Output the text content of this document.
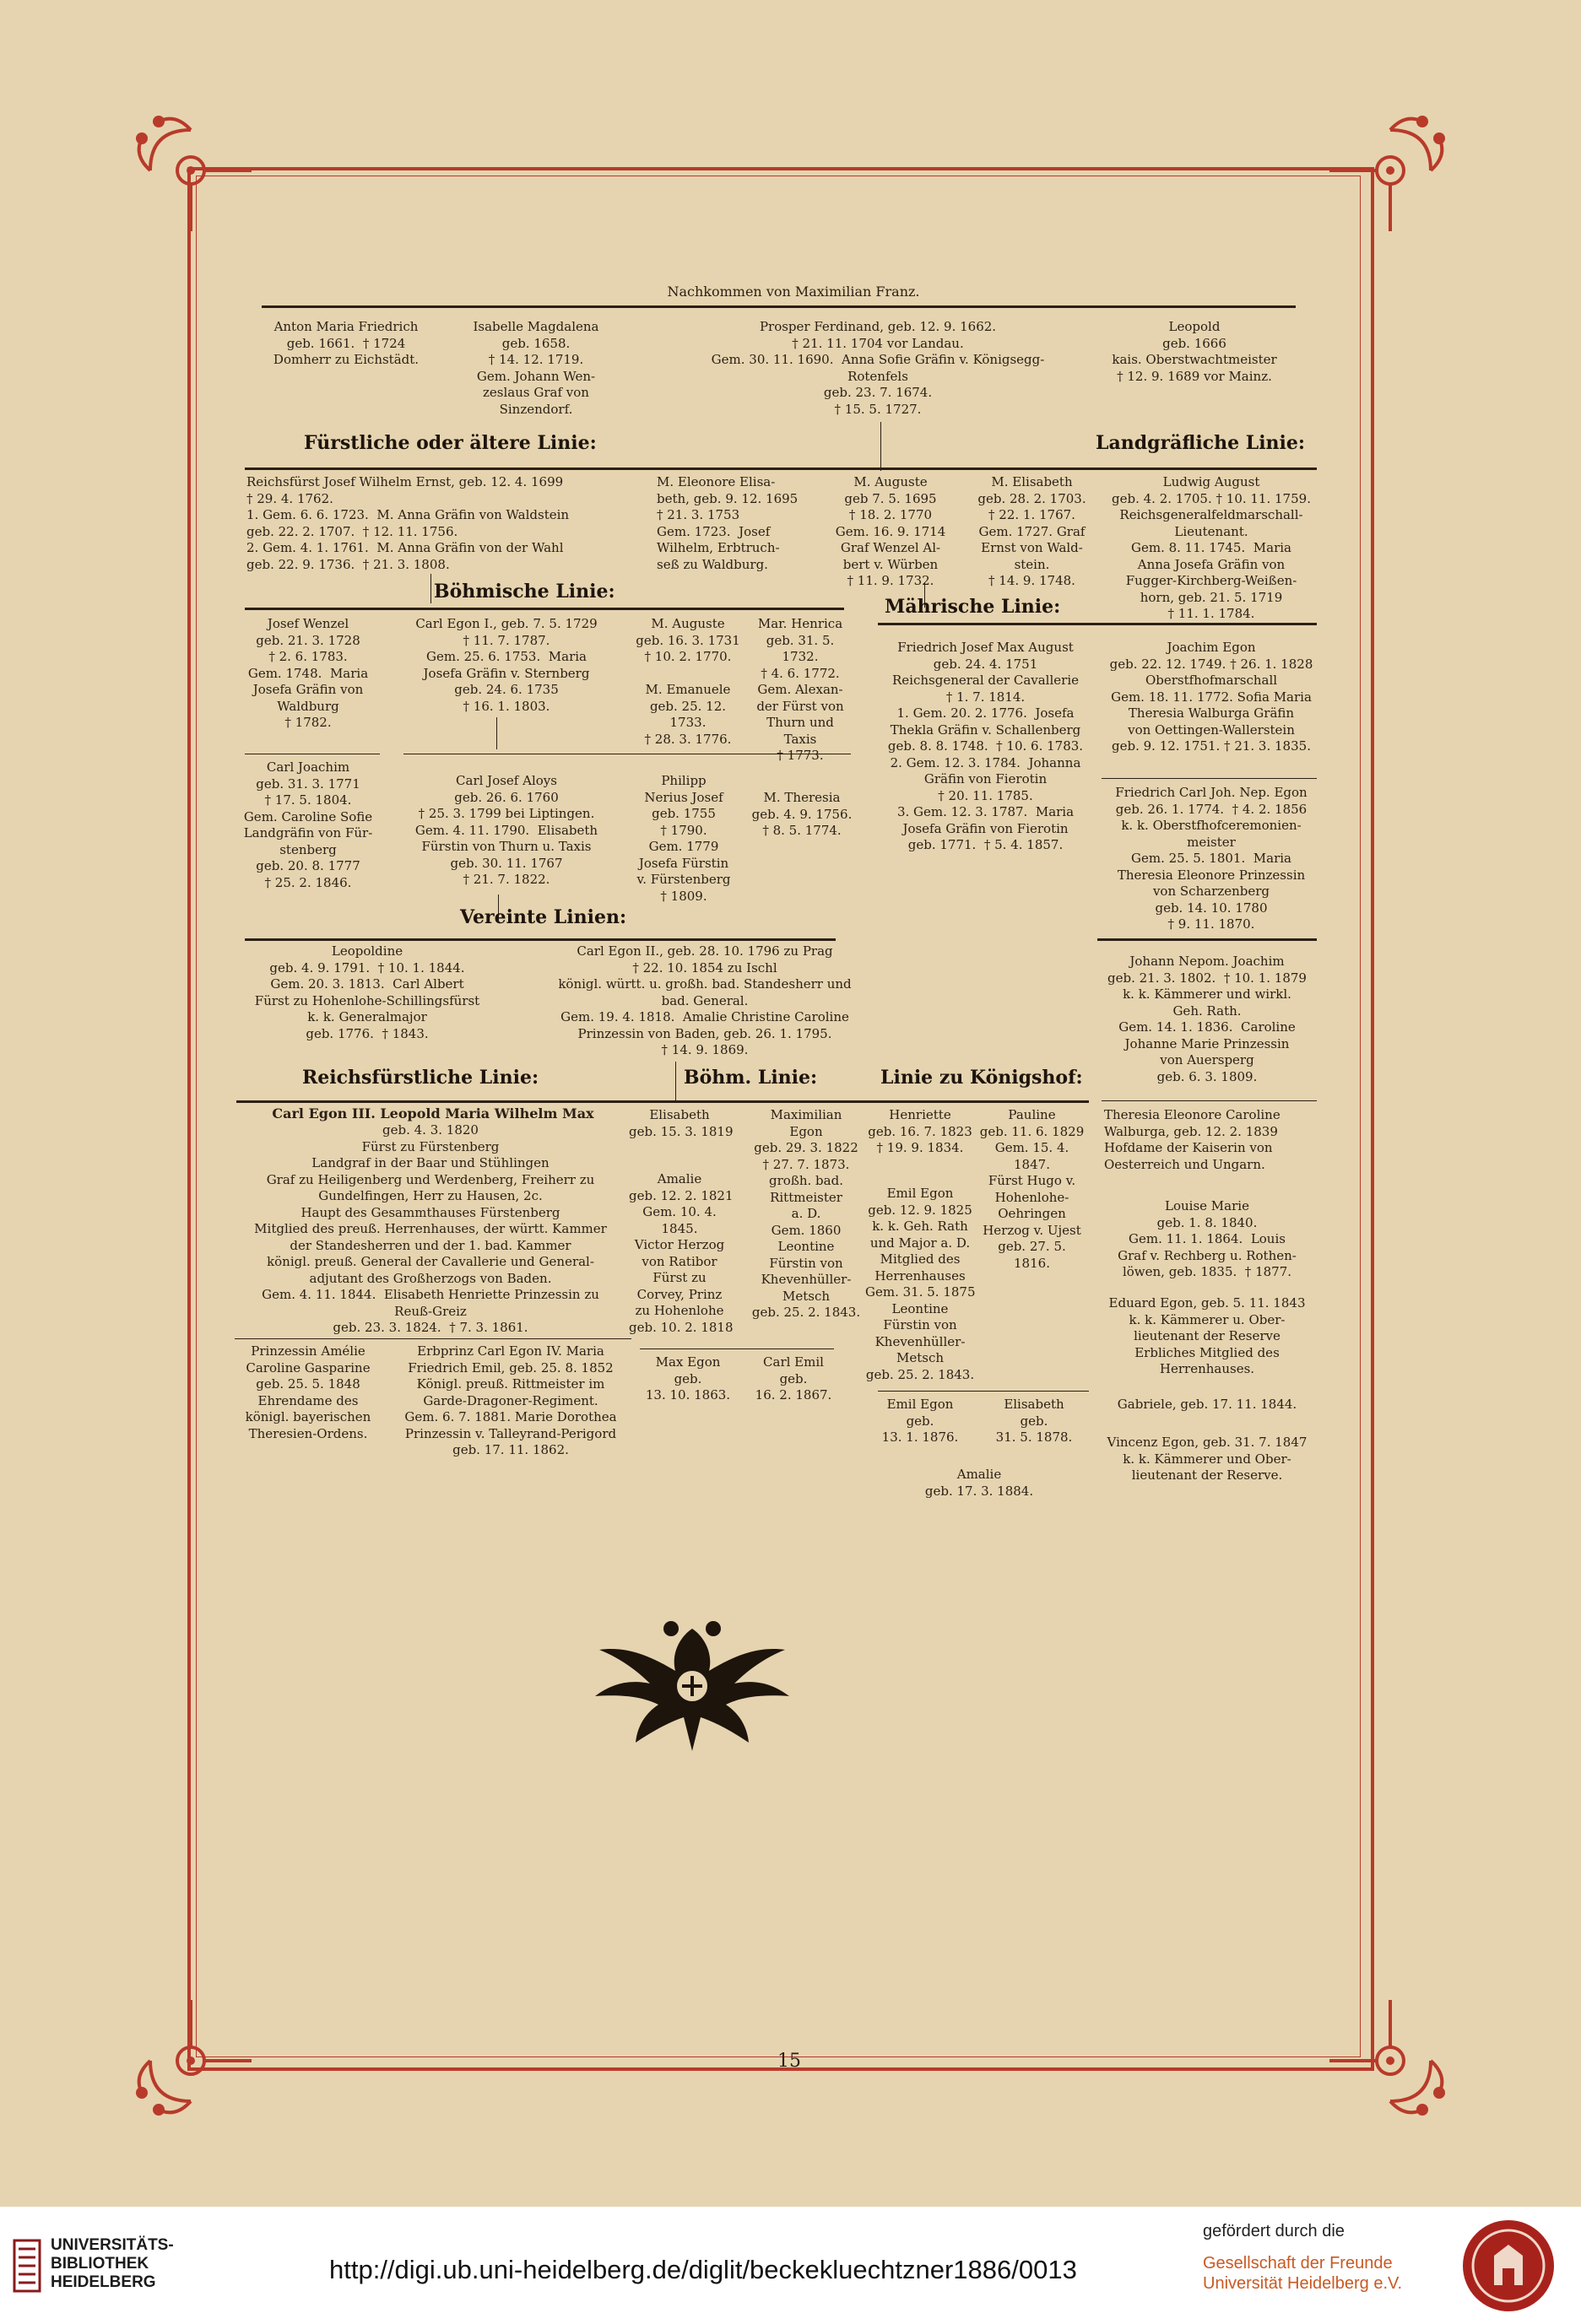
Nachkommen von Maximilian Franz.
Anton Maria Friedrich
geb. 1661.  † 1724
Domherr zu Eichstädt.
Isabelle Magdalena
geb. 1658.
† 14. 12. 1719.
Gem. Johann Wen-
zeslaus Graf von
Sinzendorf.
Prosper Ferdinand, geb. 12. 9. 1662.
† 21. 11. 1704 vor Landau.
Gem. 30. 11. 1690.  Anna Sofie Gräfin v. Königsegg-
Rotenfels
geb. 23. 7. 1674.
† 15. 5. 1727.
Leopold
geb. 1666
kais. Oberstwachtmeister
† 12. 9. 1689 vor Mainz.
Fürstliche oder ältere Linie:	Landgräfliche Linie:
Reichsfürst Josef Wilhelm Ernst, geb. 12. 4. 1699
† 29. 4. 1762.
1. Gem. 6. 6. 1723.  M. Anna Gräfin von Waldstein
geb. 22. 2. 1707.  † 12. 11. 1756.
2. Gem. 4. 1. 1761.  M. Anna Gräfin von der Wahl
geb. 22. 9. 1736.  † 21. 3. 1808.
M. Eleonore Elisa-
beth, geb. 9. 12. 1695
† 21. 3. 1753
Gem. 1723.  Josef
Wilhelm, Erbtruch-
seß zu Waldburg.
M. Auguste
geb 7. 5. 1695
† 18. 2. 1770
Gem. 16. 9. 1714
Graf Wenzel Al-
bert v. Würben
† 11. 9. 1732.
M. Elisabeth
geb. 28. 2. 1703.
† 22. 1. 1767.
Gem. 1727. Graf
Ernst von Wald-
stein.
† 14. 9. 1748.
Ludwig August
geb. 4. 2. 1705. † 10. 11. 1759.
Reichsgeneralfeldmarschall-
Lieutenant.
Gem. 8. 11. 1745.  Maria
Anna Josefa Gräfin von
Fugger-Kirchberg-Weißen-
horn, geb. 21. 5. 1719
† 11. 1. 1784.
Böhmische Linie:
Mährische Linie:
Josef Wenzel
geb. 21. 3. 1728
† 2. 6. 1783.
Gem. 1748.  Maria
Josefa Gräfin von
Waldburg
† 1782.
Carl Egon I., geb. 7. 5. 1729
† 11. 7. 1787.
Gem. 25. 6. 1753.  Maria
Josefa Gräfin v. Sternberg
geb. 24. 6. 1735
† 16. 1. 1803.
M. Auguste
geb. 16. 3. 1731
† 10. 2. 1770.

M. Emanuele
geb. 25. 12.
1733.
† 28. 3. 1776.
Mar. Henrica
geb. 31. 5.
1732.
† 4. 6. 1772.
Gem. Alexan-
der Fürst von
Thurn und
Taxis
† 1773.
Friedrich Josef Max August
geb. 24. 4. 1751
Reichsgeneral der Cavallerie
† 1. 7. 1814.
1. Gem. 20. 2. 1776.  Josefa
Thekla Gräfin v. Schallenberg
geb. 8. 8. 1748.  † 10. 6. 1783.
2. Gem. 12. 3. 1784.  Johanna
Gräfin von Fierotin
† 20. 11. 1785.
3. Gem. 12. 3. 1787.  Maria
Josefa Gräfin von Fierotin
geb. 1771.  † 5. 4. 1857.
Joachim Egon
geb. 22. 12. 1749. † 26. 1. 1828
Oberstfhofmarschall
Gem. 18. 11. 1772. Sofia Maria
Theresia Walburga Gräfin
von Oettingen-Wallerstein
geb. 9. 12. 1751. † 21. 3. 1835.
Carl Joachim
geb. 31. 3. 1771
† 17. 5. 1804.
Gem. Caroline Sofie
Landgräfin von Für-
stenberg
geb. 20. 8. 1777
† 25. 2. 1846.
Carl Josef Aloys
geb. 26. 6. 1760
† 25. 3. 1799 bei Liptingen.
Gem. 4. 11. 1790.  Elisabeth
Fürstin von Thurn u. Taxis
geb. 30. 11. 1767
† 21. 7. 1822.
Philipp
Nerius Josef
geb. 1755
† 1790.
Gem. 1779
Josefa Fürstin
v. Fürstenberg
† 1809.
M. Theresia
geb. 4. 9. 1756.
† 8. 5. 1774.
Friedrich Carl Joh. Nep. Egon
geb. 26. 1. 1774.  † 4. 2. 1856
k. k. Oberstfhofceremonien-
meister
Gem. 25. 5. 1801.  Maria
Theresia Eleonore Prinzessin
von Scharzenberg
geb. 14. 10. 1780
† 9. 11. 1870.
Vereinte Linien:
Leopoldine
geb. 4. 9. 1791.  † 10. 1. 1844.
Gem. 20. 3. 1813.  Carl Albert
Fürst zu Hohenlohe-Schillingsfürst
k. k. Generalmajor
geb. 1776.  † 1843.
Carl Egon II., geb. 28. 10. 1796 zu Prag
† 22. 10. 1854 zu Ischl
königl. württ. u. großh. bad. Standesherr und
bad. General.
Gem. 19. 4. 1818.  Amalie Christine Caroline
Prinzessin von Baden, geb. 26. 1. 1795.
† 14. 9. 1869.
Johann Nepom. Joachim
geb. 21. 3. 1802.  † 10. 1. 1879
k. k. Kämmerer und wirkl.
Geh. Rath.
Gem. 14. 1. 1836.  Caroline
Johanne Marie Prinzessin
von Auersperg
geb. 6. 3. 1809.
Reichsfürstliche Linie:	Böhm. Linie:	Linie zu Königshof:
Carl Egon III. Leopold Maria Wilhelm Max
geb. 4. 3. 1820
Fürst zu Fürstenberg
Landgraf in der Baar und Stühlingen
Graf zu Heiligenberg und Werdenberg, Freiherr zu
Gundelfingen, Herr zu Hausen, 2c.
Haupt des Gesammthauses Fürstenberg
Mitglied des preuß. Herrenhauses, der württ. Kammer
der Standesherren und der 1. bad. Kammer
königl. preuß. General der Cavallerie und General-
adjutant des Großherzogs von Baden.
Gem. 4. 11. 1844.  Elisabeth Henriette Prinzessin zu
Reuß-Greiz
geb. 23. 3. 1824.  † 7. 3. 1861.
Elisabeth
geb. 15. 3. 1819
Amalie
geb. 12. 2. 1821
Gem. 10. 4.
1845.
Victor Herzog
von Ratibor
Fürst zu
Corvey, Prinz
zu Hohenlohe
geb. 10. 2. 1818
Maximilian
Egon
geb. 29. 3. 1822
† 27. 7. 1873.
großh. bad.
Rittmeister
a. D.
Gem. 1860
Leontine
Fürstin von
Khevenhüller-
Metsch
geb. 25. 2. 1843.
Henriette
geb. 16. 7. 1823
† 19. 9. 1834.
Emil Egon
geb. 12. 9. 1825
k. k. Geh. Rath
und Major a. D.
Mitglied des
Herrenhauses
Gem. 31. 5. 1875
Leontine
Fürstin von
Khevenhüller-
Metsch
geb. 25. 2. 1843.
Pauline
geb. 11. 6. 1829
Gem. 15. 4.
1847.
Fürst Hugo v.
Hohenlohe-
Oehringen
Herzog v. Ujest
geb. 27. 5.
1816.
Theresia Eleonore Caroline
Walburga, geb. 12. 2. 1839
Hofdame der Kaiserin von
Oesterreich und Ungarn.
Louise Marie
geb. 1. 8. 1840.
Gem. 11. 1. 1864.  Louis
Graf v. Rechberg u. Rothen-
löwen, geb. 1835.  † 1877.
Eduard Egon, geb. 5. 11. 1843
k. k. Kämmerer u. Ober-
lieutenant der Reserve
Erbliches Mitglied des
Herrenhauses.
Gabriele, geb. 17. 11. 1844.
Vincenz Egon, geb. 31. 7. 1847
k. k. Kämmerer und Ober-
lieutenant der Reserve.
Prinzessin Amélie
Caroline Gasparine
geb. 25. 5. 1848
Ehrendame des
königl. bayerischen
Theresien-Ordens.
Erbprinz Carl Egon IV. Maria
Friedrich Emil, geb. 25. 8. 1852
Königl. preuß. Rittmeister im
Garde-Dragoner-Regiment.
Gem. 6. 7. 1881. Marie Dorothea
Prinzessin v. Talleyrand-Perigord
geb. 17. 11. 1862.
Max Egon
geb.
13. 10. 1863.
Carl Emil
geb.
16. 2. 1867.
Emil Egon
geb.
13. 1. 1876.
Elisabeth
geb.
31. 5. 1878.
Amalie
geb. 17. 3. 1884.
15
UNIVERSITÄTS-
BIBLIOTHEK
HEIDELBERG	http://digi.ub.uni-heidelberg.de/diglit/beckekluechtzner1886/0013
gefördert durch die
Gesellschaft der Freunde
Universität Heidelberg e.V.
